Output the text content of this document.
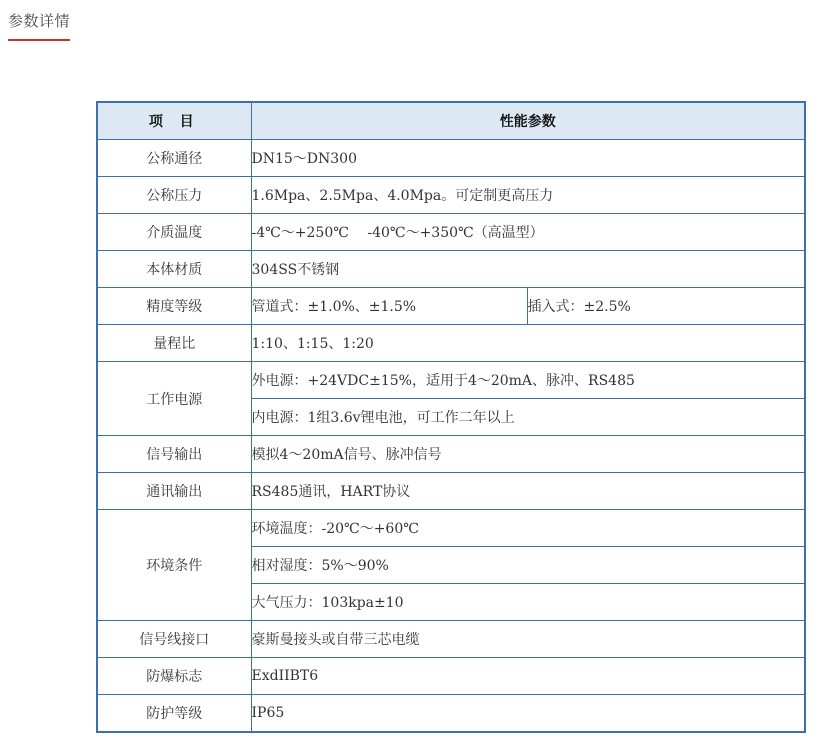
参数详情
项 目	性能参数	
公称通径	DN15～DN300	
公称压力	1.6Mpa、2.5Mpa、4.0Mpa。可定制更高压力	
介质温度	-4℃～+250℃　 -40℃～+350℃（高温型）	
本体材质	304SS不锈钢	
精度等级	管道式：±1.0%、±1.5%	插入式：±2.5%
量程比	1:10、1:15、1:20	
工作电源	外电源：+24VDC±15%，适用于4～20mA、脉冲、RS485	
	内电源：1组3.6v锂电池，可工作二年以上	
信号输出	模拟4～20mA信号、脉冲信号	
通讯输出	RS485通讯，HART协议	
环境条件	环境温度：-20℃～+60℃	
	相对湿度：5%～90%	
	大气压力：103kpa±10	
信号线接口	豪斯曼接头或自带三芯电缆	
防爆标志	ExdIIBT6	
防护等级	IP65	
